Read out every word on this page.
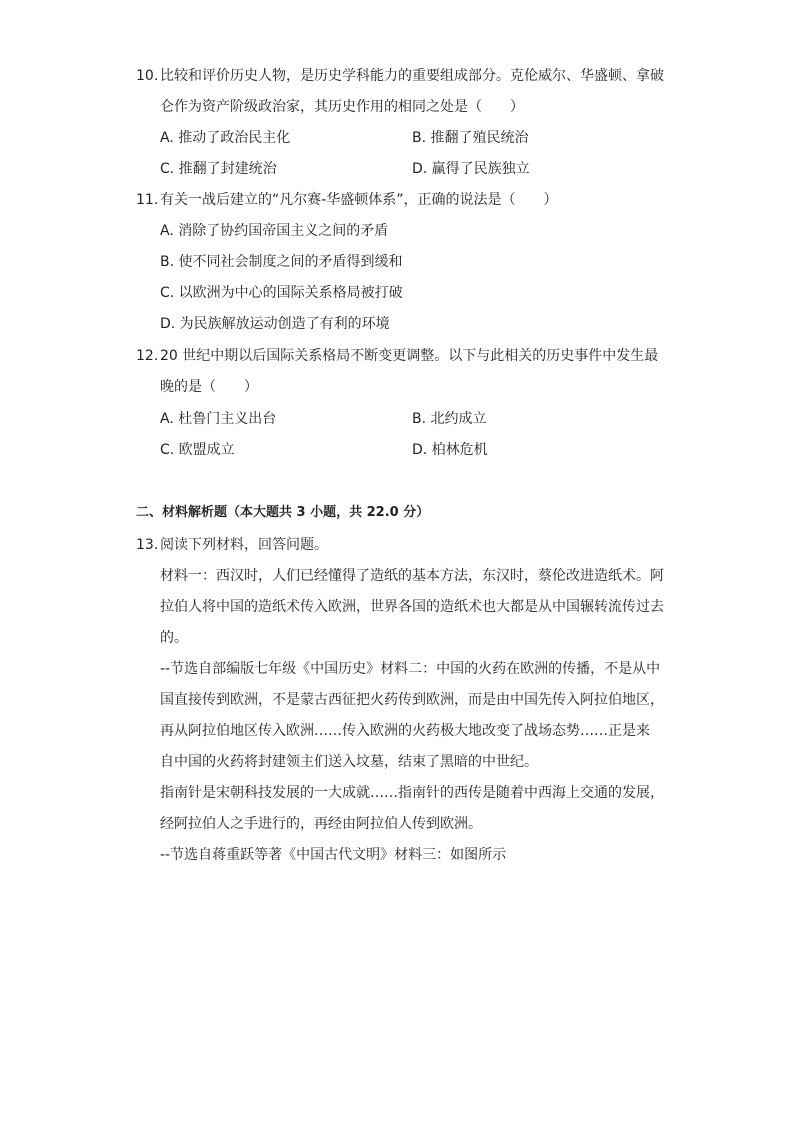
10. 比较和评价历史人物，是历史学科能力的重要组成部分。克伦威尔、华盛顿、拿破
仑作为资产阶级政治家，其历史作用的相同之处是（　　）
A. 推动了政治民主化	B. 推翻了殖民统治
C. 推翻了封建统治	D. 赢得了民族独立
11. 有关一战后建立的“凡尔赛-华盛顿体系”，正确的说法是（　　）
A. 消除了协约国帝国主义之间的矛盾
B. 使不同社会制度之间的矛盾得到缓和
C. 以欧洲为中心的国际关系格局被打破
D. 为民族解放运动创造了有利的环境
12. 20 世纪中期以后国际关系格局不断变更调整。以下与此相关的历史事件中发生最
晚的是（　　）
A. 杜鲁门主义出台	B. 北约成立
C. 欧盟成立	D. 柏林危机
二、材料解析题（本大题共 3 小题，共 22.0 分）
13. 阅读下列材料，回答问题。
材料一：西汉时，人们已经懂得了造纸的基本方法，东汉时，蔡伦改进造纸术。阿
拉伯人将中国的造纸术传入欧洲，世界各国的造纸术也大都是从中国辗转流传过去
的。
--节选自部编版七年级《中国历史》材料二：中国的火药在欧洲的传播，不是从中
国直接传到欧洲，不是蒙古西征把火药传到欧洲，而是由中国先传入阿拉伯地区，
再从阿拉伯地区传入欧洲……传入欧洲的火药极大地改变了战场态势……正是来
自中国的火药将封建领主们送入坟墓，结束了黑暗的中世纪。
指南针是宋朝科技发展的一大成就……指南针的西传是随着中西海上交通的发展，
经阿拉伯人之手进行的，再经由阿拉伯人传到欧洲。
--节选自蒋重跃等著《中国古代文明》材料三：如图所示
